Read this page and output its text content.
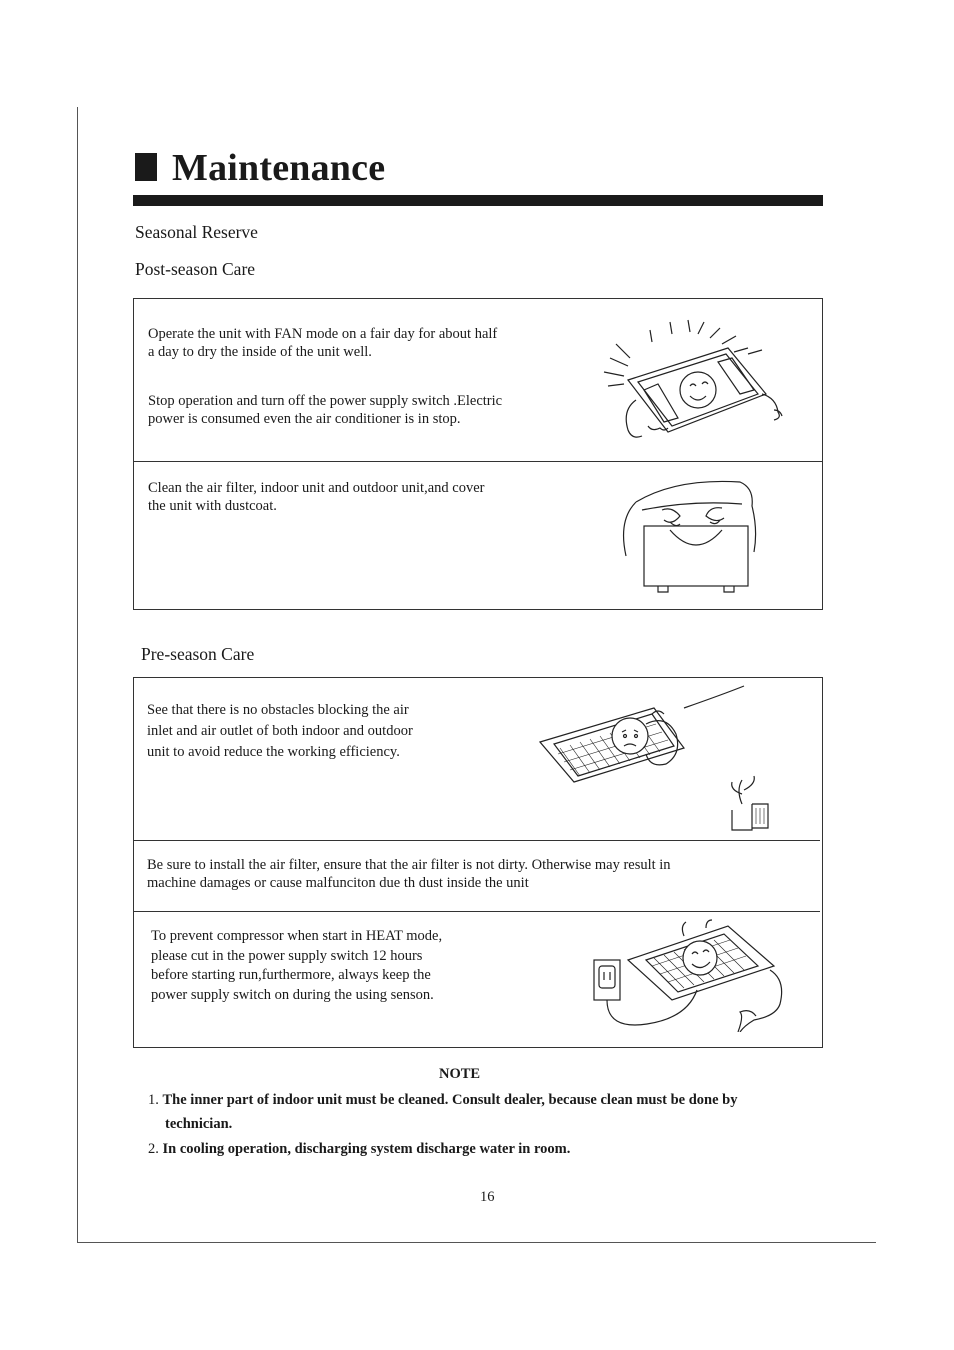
Maintenance
Seasonal Reserve
Post-season Care
Operate the unit with FAN mode on a fair day for about half
a day to dry the inside of the unit well.
Stop operation and turn off the power supply switch .Electric
power is consumed even the air conditioner is in stop.
Clean the air filter, indoor unit and outdoor unit,and cover
the unit with dustcoat.
Pre-season Care
See that there is no obstacles blocking the air
inlet and air outlet of both indoor and outdoor
unit to avoid reduce the working efficiency.
Be sure to install the air filter, ensure that the air filter is not dirty. Otherwise may result in
machine damages or cause malfunciton due th dust inside the unit
To prevent compressor when start in HEAT mode,
please cut in the power supply switch 12 hours
before starting run,furthermore, always keep the
power supply switch on during the using senson.
NOTE
1. The inner part of indoor unit must be cleaned. Consult dealer, because clean must be done by
technician.
2. In cooling operation, discharging system discharge water in room.
16
